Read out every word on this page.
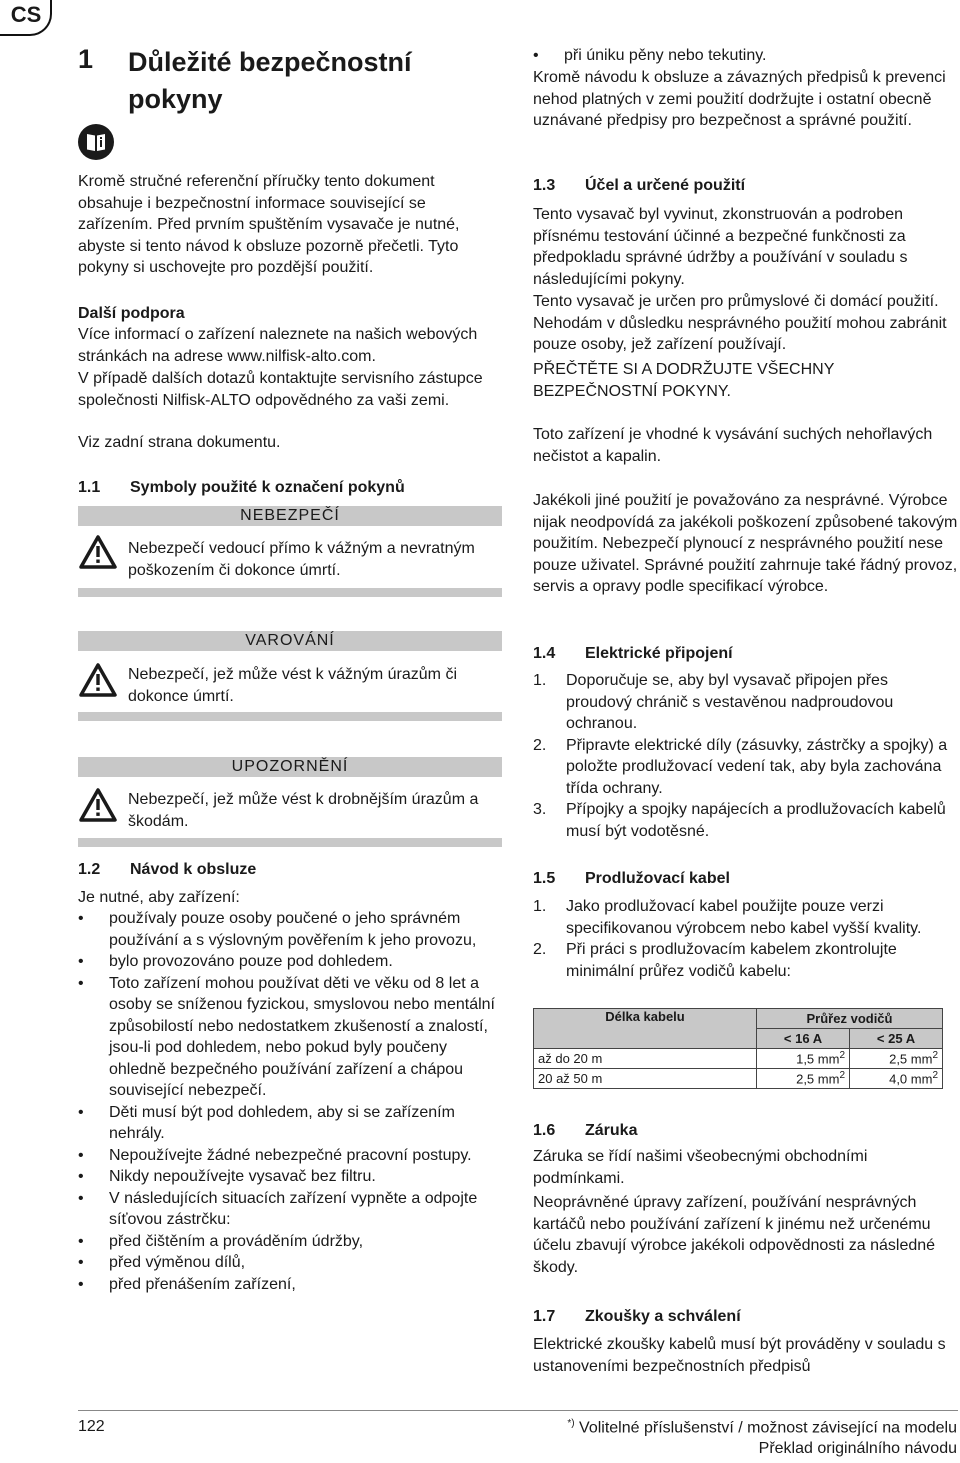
CS
1 Důležité bezpečnostní pokyny
Kromě stručné referenční příručky tento dokument obsahuje i bezpečnostní informace související se zařízením. Před prvním spuštěním vysavače je nutné, abyste si tento návod k obsluze pozorně přečetli. Tyto pokyny si uschovejte pro pozdější použití.
Další podpora
Více informací o zařízení naleznete na našich webových stránkách na adrese www.nilfisk-alto.com.
V případě dalších dotazů kontaktujte servisního zástupce společnosti Nilfisk-ALTO odpovědného za vaši zemi.
Viz zadní strana dokumentu.
1.1 Symboly použité k označení pokynů
NEBEZPEČÍ
Nebezpečí vedoucí přímo k vážným a nevratným poškozením či dokonce úmrtí.
VAROVÁNÍ
Nebezpečí, jež může vést k vážným úrazům či dokonce úmrtí.
UPOZORNĚNÍ
Nebezpečí, jež může vést k drobnějším úrazům a škodám.
1.2 Návod k obsluze
Je nutné, aby zařízení:
• používaly pouze osoby poučené o jeho správném používání a s výslovným pověřením k jeho provozu,
• bylo provozováno pouze pod dohledem.
• Toto zařízení mohou používat děti ve věku od 8 let a osoby se sníženou fyzickou, smyslovou nebo mentální způsobilostí nebo nedostatkem zkušeností a znalostí, jsou-li pod dohledem, nebo pokud byly poučeny ohledně bezpečného používání zařízení a chápou související nebezpečí.
• Děti musí být pod dohledem, aby si se zařízením nehrály.
• Nepoužívejte žádné nebezpečné pracovní postupy.
• Nikdy nepoužívejte vysavač bez filtru.
• V následujících situacích zařízení vypněte a odpojte síťovou zástrčku:
• před čištěním a prováděním údržby,
• před výměnou dílů,
• před přenášením zařízení,
• při úniku pěny nebo tekutiny.
Kromě návodu k obsluze a závazných předpisů k prevenci nehod platných v zemi použití dodržujte i ostatní obecně uznávané předpisy pro bezpečnost a správné použití.
1.3 Účel a určené použití
Tento vysavač byl vyvinut, zkonstruován a podroben přísnému testování účinné a bezpečné funkčnosti za předpokladu správné údržby a používání v souladu s následujícími pokyny.
Tento vysavač je určen pro průmyslové či domácí použití. Nehodám v důsledku nesprávného použití mohou zabránit pouze osoby, jež zařízení používají.
PŘEČTĚTE SI A DODRŽUJTE VŠECHNY BEZPEČNOSTNÍ POKYNY.
Toto zařízení je vhodné k vysávání suchých nehořlavých nečistot a kapalin.
Jakékoli jiné použití je považováno za nesprávné. Výrobce nijak neodpovídá za jakékoli poškození způsobené takovým použitím. Nebezpečí plynoucí z nesprávného použití nese pouze uživatel. Správné použití zahrnuje také řádný provoz, servis a opravy podle specifikací výrobce.
1.4 Elektrické připojení
1. Doporučuje se, aby byl vysavač připojen přes proudový chránič s vestavěnou nadproudovou ochranou.
2. Připravte elektrické díly (zásuvky, zástrčky a spojky) a položte prodlužovací vedení tak, aby byla zachována třída ochrany.
3. Přípojky a spojky napájecích a prodlužovacích kabelů musí být vodotěsné.
1.5 Prodlužovací kabel
1. Jako prodlužovací kabel použijte pouze verzi specifikovanou výrobcem nebo kabel vyšší kvality.
2. Při práci s prodlužovacím kabelem zkontrolujte minimální průřez vodičů kabelu:
Délka kabelu	Průřez vodičů	
	< 16 A	< 25 A
až do 20 m	1,5 $mm^2$	2,5 $mm^2$
20 až 50 m	2,5 $mm^2$	4,0 $mm^2$
1.6 Záruka
Záruka se řídí našimi všeobecnými obchodními podmínkami.
Neoprávněné úpravy zařízení, používání nesprávných kartáčů nebo používání zařízení k jinému než určenému účelu zbavují výrobce jakékoli odpovědnosti za následné škody.
1.7 Zkoušky a schválení
Elektrické zkoušky kabelů musí být prováděny v souladu s ustanoveními bezpečnostních předpisů
122	*) Volitelné příslušenství / možnost závisející na modelu
Překlad originálního návodu
